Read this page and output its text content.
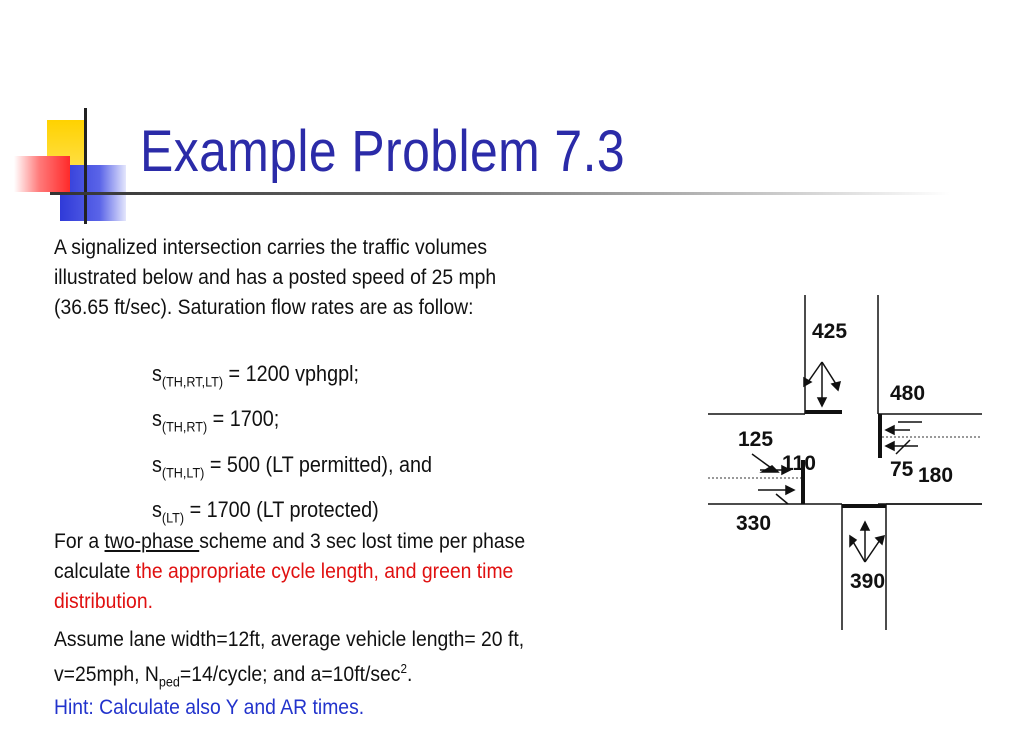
Example Problem 7.3
A signalized intersection carries the traffic volumes
illustrated below and has a posted speed of 25 mph
(36.65 ft/sec). Saturation flow rates are as follow:
$s_{(TH,RT,LT)} = 1200$ vphgpl;
$s_{(TH,RT)} = 1700$;
$s_{(TH,LT)} = 500$ (LT permitted), and
$s_{(LT)} = 1700$ (LT protected)
For a two-phase scheme and 3 sec lost time per phase
calculate the appropriate cycle length, and green time
distribution.
Assume lane width=12ft, average vehicle length= 20 ft,
v=25mph, $N_{ped}=14$/cycle; and $a=10ft/\sec^2$.
Hint: Calculate also Y and AR times.
425
480
125
110	75 180
330
390
